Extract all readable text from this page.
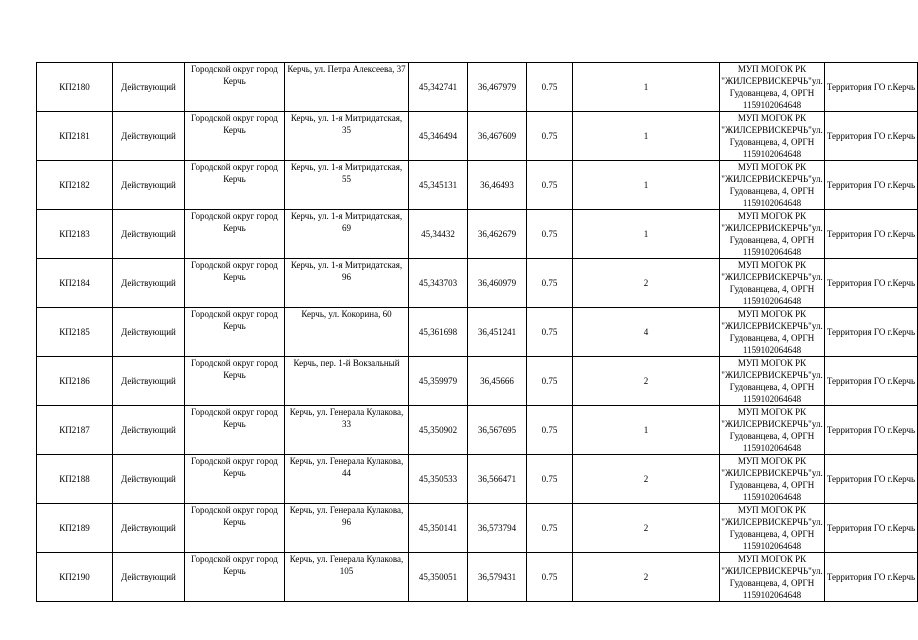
КП2180	Действующий	Городской округ город Керчь	Керчь, ул. Петра Алексеева, 37	45,342741	36,467979	0.75	1	МУП МОГОК РК "ЖИЛСЕРВИСКЕРЧЬ"ул. Гудованцева, 4, ОРГН 1159102064648	Территория ГО г.Керчь
КП2181	Действующий	Городской округ город Керчь	Керчь, ул. 1-я Митридатская, 35	45,346494	36,467609	0.75	1	МУП МОГОК РК "ЖИЛСЕРВИСКЕРЧЬ"ул. Гудованцева, 4, ОРГН 1159102064648	Территория ГО г.Керчь
КП2182	Действующий	Городской округ город Керчь	Керчь, ул. 1-я Митридатская, 55	45,345131	36,46493	0.75	1	МУП МОГОК РК "ЖИЛСЕРВИСКЕРЧЬ"ул. Гудованцева, 4, ОРГН 1159102064648	Территория ГО г.Керчь
КП2183	Действующий	Городской округ город Керчь	Керчь, ул. 1-я Митридатская, 69	45,34432	36,462679	0.75	1	МУП МОГОК РК "ЖИЛСЕРВИСКЕРЧЬ"ул. Гудованцева, 4, ОРГН 1159102064648	Территория ГО г.Керчь
КП2184	Действующий	Городской округ город Керчь	Керчь, ул. 1-я Митридатская, 96	45,343703	36,460979	0.75	2	МУП МОГОК РК "ЖИЛСЕРВИСКЕРЧЬ"ул. Гудованцева, 4, ОРГН 1159102064648	Территория ГО г.Керчь
КП2185	Действующий	Городской округ город Керчь	Керчь, ул. Кокорина, 60	45,361698	36,451241	0.75	4	МУП МОГОК РК "ЖИЛСЕРВИСКЕРЧЬ"ул. Гудованцева, 4, ОРГН 1159102064648	Территория ГО г.Керчь
КП2186	Действующий	Городской округ город Керчь	Керчь, пер. 1-й Вокзальный	45,359979	36,45666	0.75	2	МУП МОГОК РК "ЖИЛСЕРВИСКЕРЧЬ"ул. Гудованцева, 4, ОРГН 1159102064648	Территория ГО г.Керчь
КП2187	Действующий	Городской округ город Керчь	Керчь, ул. Генерала Кулакова, 33	45,350902	36,567695	0.75	1	МУП МОГОК РК "ЖИЛСЕРВИСКЕРЧЬ"ул. Гудованцева, 4, ОРГН 1159102064648	Территория ГО г.Керчь
КП2188	Действующий	Городской округ город Керчь	Керчь, ул. Генерала Кулакова, 44	45,350533	36,566471	0.75	2	МУП МОГОК РК "ЖИЛСЕРВИСКЕРЧЬ"ул. Гудованцева, 4, ОРГН 1159102064648	Территория ГО г.Керчь
КП2189	Действующий	Городской округ город Керчь	Керчь, ул. Генерала Кулакова, 96	45,350141	36,573794	0.75	2	МУП МОГОК РК "ЖИЛСЕРВИСКЕРЧЬ"ул. Гудованцева, 4, ОРГН 1159102064648	Территория ГО г.Керчь
КП2190	Действующий	Городской округ город Керчь	Керчь, ул. Генерала Кулакова, 105	45,350051	36,579431	0.75	2	МУП МОГОК РК "ЖИЛСЕРВИСКЕРЧЬ"ул. Гудованцева, 4, ОРГН 1159102064648	Территория ГО г.Керчь
